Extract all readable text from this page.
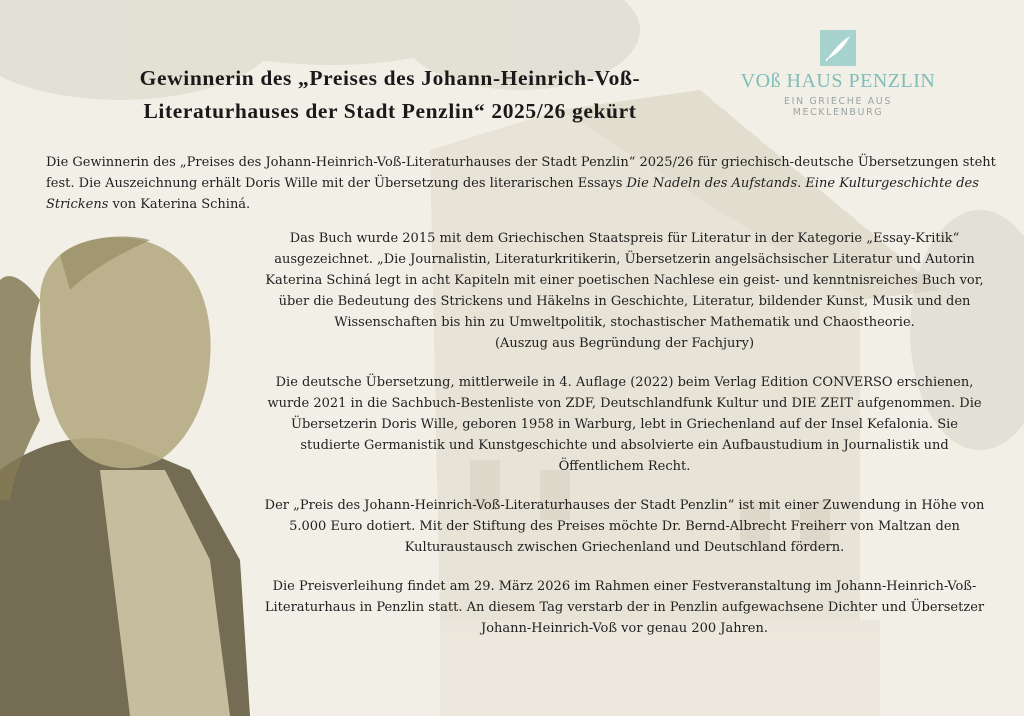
Gewinnerin des „Preises des Johann-Heinrich-Voß-
Literaturhauses der Stadt Penzlin“ 2025/26 gekürt
VOß HAUS PENZLIN
EIN GRIECHE AUS MECKLENBURG

Die Gewinnerin des „Preises des Johann-Heinrich-Voß-Literaturhauses der Stadt Penzlin“ 2025/26 für griechisch-deutsche Übersetzungen steht fest. Die Auszeichnung erhält Doris Wille mit der Übersetzung des literarischen Essays Die Nadeln des Aufstands. Eine Kulturgeschichte des Strickens von Katerina Schiná.

Das Buch wurde 2015 mit dem Griechischen Staatspreis für Literatur in der Kategorie „Essay-Kritik“ ausgezeichnet. „Die Journalistin, Literaturkritikerin, Übersetzerin angelsächsischer Literatur und Autorin Katerina Schiná legt in acht Kapiteln mit einer poetischen Nachlese ein geist- und kenntnisreiches Buch vor, über die Bedeutung des Strickens und Häkelns in Geschichte, Literatur, bildender Kunst, Musik und den Wissenschaften bis hin zu Umweltpolitik, stochastischer Mathematik und Chaostheorie.
(Auszug aus Begründung der Fachjury)

Die deutsche Übersetzung, mittlerweile in 4. Auflage (2022) beim Verlag Edition CONVERSO erschienen, wurde 2021 in die Sachbuch-Bestenliste von ZDF, Deutschlandfunk Kultur und DIE ZEIT aufgenommen. Die Übersetzerin Doris Wille, geboren 1958 in Warburg, lebt in Griechenland auf der Insel Kefalonia. Sie studierte Germanistik und Kunstgeschichte und absolvierte ein Aufbaustudium in Journalistik und Öffentlichem Recht.

Der „Preis des Johann-Heinrich-Voß-Literaturhauses der Stadt Penzlin“ ist mit einer Zuwendung in Höhe von 5.000 Euro dotiert. Mit der Stiftung des Preises möchte Dr. Bernd-Albrecht Freiherr von Maltzan den Kulturaustausch zwischen Griechenland und Deutschland fördern.

Die Preisverleihung findet am 29. März 2026 im Rahmen einer Festveranstaltung im Johann-Heinrich-Voß-Literaturhaus in Penzlin statt. An diesem Tag verstarb der in Penzlin aufgewachsene Dichter und Übersetzer Johann-Heinrich-Voß vor genau 200 Jahren.
